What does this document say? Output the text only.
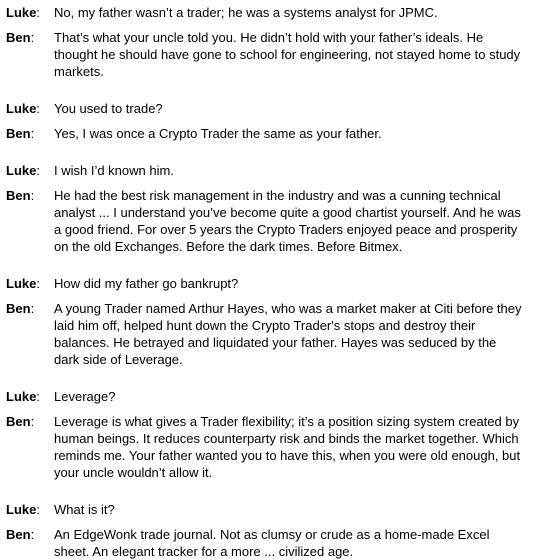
Luke:	No, my father wasn’t a trader; he was a systems analyst for JPMC.
Ben:	That’s what your uncle told you. He didn’t hold with your father’s ideals. He
thought he should have gone to school for engineering, not stayed home to study
markets.
Luke:	You used to trade?
Ben:	Yes, I was once a Crypto Trader the same as your father.
Luke:	I wish I’d known him.
Ben:	He had the best risk management in the industry and was a cunning technical
analyst ... I understand you’ve become quite a good chartist yourself. And he was
a good friend. For over 5 years the Crypto Traders enjoyed peace and prosperity
on the old Exchanges. Before the dark times. Before Bitmex.
Luke:	How did my father go bankrupt?
Ben:	A young Trader named Arthur Hayes, who was a market maker at Citi before they
laid him off, helped hunt down the Crypto Trader's stops and destroy their
balances. He betrayed and liquidated your father. Hayes was seduced by the
dark side of Leverage.
Luke:	Leverage?
Ben:	Leverage is what gives a Trader flexibility; it’s a position sizing system created by
human beings. It reduces counterparty risk and binds the market together. Which
reminds me. Your father wanted you to have this, when you were old enough, but
your uncle wouldn’t allow it.
Luke:	What is it?
Ben:	An EdgeWonk trade journal. Not as clumsy or crude as a home-made Excel
sheet. An elegant tracker for a more ... civilized age.
